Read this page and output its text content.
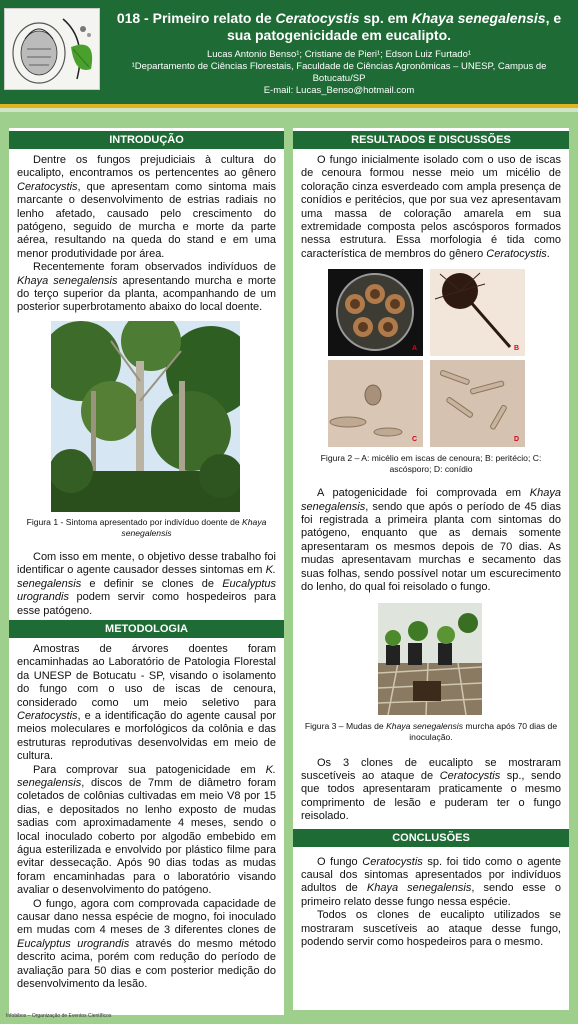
018 - Primeiro relato de Ceratocystis sp. em Khaya senegalensis, e sua patogenicidade em eucalipto.
Lucas Antonio Benso¹; Cristiane de Pieri¹; Edson Luiz Furtado¹
¹Departamento de Ciências Florestais, Faculdade de Ciências Agronômicas – UNESP, Campus de Botucatu/SP
E-mail: Lucas_Benso@hotmail.com
INTRODUÇÃO
Dentre os fungos prejudiciais à cultura do eucalipto, encontramos os pertencentes ao gênero Ceratocystis, que apresentam como sintoma mais marcante o desenvolvimento de estrias radiais no lenho afetado, causado pelo crescimento do patógeno, seguido de murcha e morte da parte aérea, resultando na queda do stand e em uma menor produtividade por área.
Recentemente foram observados indivíduos de Khaya senegalensis apresentando murcha e morte do terço superior da planta, acompanhando de um posterior superbrotamento abaixo do local doente.
Figura 1 - Sintoma apresentado por indivíduo doente de Khaya senegalensis
Com isso em mente, o objetivo desse trabalho foi identificar o agente causador desses sintomas em K. senegalensis e definir se clones de Eucalyptus urograndis podem servir como hospedeiros para esse patógeno.
METODOLOGIA
Amostras de árvores doentes foram encaminhadas ao Laboratório de Patologia Florestal da UNESP de Botucatu - SP, visando o isolamento do fungo com o uso de iscas de cenoura, considerado como um meio seletivo para Ceratocystis, e a identificação do agente causal por meios moleculares e morfológicos da colônia e das estruturas reprodutivas desenvolvidas em meio de cultura.
Para comprovar sua patogenicidade em K. senegalensis, discos de 7mm de diâmetro foram coletados de colônias cultivadas em meio V8 por 15 dias, e depositados no lenho exposto de mudas sadias com aproximadamente 4 meses, sendo o local inoculado coberto por algodão embebido em água esterilizada e envolvido por plástico filme para evitar dessecação. Após 90 dias todas as mudas foram encaminhadas para o laboratório visando avaliar o desenvolvimento do patógeno.
O fungo, agora com comprovada capacidade de causar dano nessa espécie de mogno, foi inoculado em mudas com 4 meses de 3 diferentes clones de Eucalyptus urograndis através do mesmo método descrito acima, porém com redução do período de avaliação para 50 dias e com posterior medição do desenvolvimento da lesão.
RESULTADOS E DISCUSSÕES
O fungo inicialmente isolado com o uso de iscas de cenoura formou nesse meio um micélio de coloração cinza esverdeado com ampla presença de conídios e peritécios, que por sua vez apresentavam uma massa de coloração amarela em sua extremidade composta pelos ascósporos formados nessa estrutura. Essa morfologia é tida como característica de membros do gênero Ceratocystis.
A	B
C	D
Figura 2 – A: micélio em iscas de cenoura; B: peritécio; C: ascósporo; D: conídio
A patogenicidade foi comprovada em Khaya senegalensis, sendo que após o período de 45 dias foi registrada a primeira planta com sintomas do patógeno, enquanto que as demais somente apresentaram os mesmos depois de 70 dias. As mudas apresentavam murchas e secamento das suas folhas, sendo possível notar um escurecimento do lenho, do qual foi reisolado o fungo.
Figura 3 – Mudas de Khaya senegalensis murcha após 70 dias de inoculação.
Os 3 clones de eucalipto se mostraram suscetíveis ao ataque de Ceratocystis sp., sendo que todos apresentaram praticamente o mesmo comprimento de lesão e puderam ter o fungo reisolado.
CONCLUSÕES
O fungo Ceratocystis sp. foi tido como o agente causal dos sintomas apresentados por indivíduos adultos de Khaya senegalensis, sendo esse o primeiro relato desse fungo nessa espécie.
Todos os clones de eucalipto utilizados se mostraram suscetíveis ao ataque desse fungo, podendo servir como hospedeiros para o mesmo.
Infobibos – Organização de Eventos Científicos
